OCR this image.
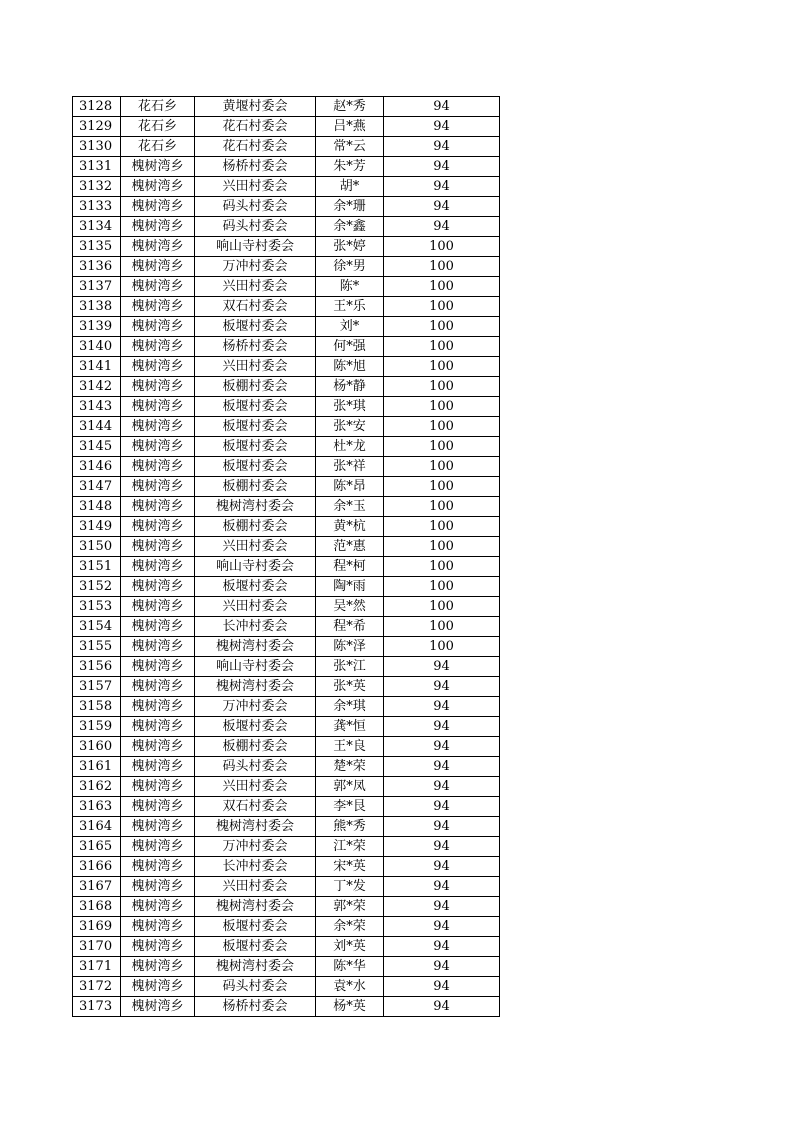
3128	花石乡	黄堰村委会	赵*秀	94
3129	花石乡	花石村委会	吕*燕	94
3130	花石乡	花石村委会	常*云	94
3131	槐树湾乡	杨桥村委会	朱*芳	94
3132	槐树湾乡	兴田村委会	胡*	94
3133	槐树湾乡	码头村委会	余*珊	94
3134	槐树湾乡	码头村委会	余*鑫	94
3135	槐树湾乡	响山寺村委会	张*婷	100
3136	槐树湾乡	万冲村委会	徐*男	100
3137	槐树湾乡	兴田村委会	陈*	100
3138	槐树湾乡	双石村委会	王*乐	100
3139	槐树湾乡	板堰村委会	刘*	100
3140	槐树湾乡	杨桥村委会	何*强	100
3141	槐树湾乡	兴田村委会	陈*旭	100
3142	槐树湾乡	板棚村委会	杨*静	100
3143	槐树湾乡	板堰村委会	张*琪	100
3144	槐树湾乡	板堰村委会	张*安	100
3145	槐树湾乡	板堰村委会	杜*龙	100
3146	槐树湾乡	板堰村委会	张*祥	100
3147	槐树湾乡	板棚村委会	陈*昂	100
3148	槐树湾乡	槐树湾村委会	余*玉	100
3149	槐树湾乡	板棚村委会	黄*杭	100
3150	槐树湾乡	兴田村委会	范*惠	100
3151	槐树湾乡	响山寺村委会	程*柯	100
3152	槐树湾乡	板堰村委会	陶*雨	100
3153	槐树湾乡	兴田村委会	吴*然	100
3154	槐树湾乡	长冲村委会	程*希	100
3155	槐树湾乡	槐树湾村委会	陈*泽	100
3156	槐树湾乡	响山寺村委会	张*江	94
3157	槐树湾乡	槐树湾村委会	张*英	94
3158	槐树湾乡	万冲村委会	余*琪	94
3159	槐树湾乡	板堰村委会	龚*恒	94
3160	槐树湾乡	板棚村委会	王*良	94
3161	槐树湾乡	码头村委会	楚*荣	94
3162	槐树湾乡	兴田村委会	郭*凤	94
3163	槐树湾乡	双石村委会	李*艮	94
3164	槐树湾乡	槐树湾村委会	熊*秀	94
3165	槐树湾乡	万冲村委会	江*荣	94
3166	槐树湾乡	长冲村委会	宋*英	94
3167	槐树湾乡	兴田村委会	丁*发	94
3168	槐树湾乡	槐树湾村委会	郭*荣	94
3169	槐树湾乡	板堰村委会	余*荣	94
3170	槐树湾乡	板堰村委会	刘*英	94
3171	槐树湾乡	槐树湾村委会	陈*华	94
3172	槐树湾乡	码头村委会	袁*水	94
3173	槐树湾乡	杨桥村委会	杨*英	94
